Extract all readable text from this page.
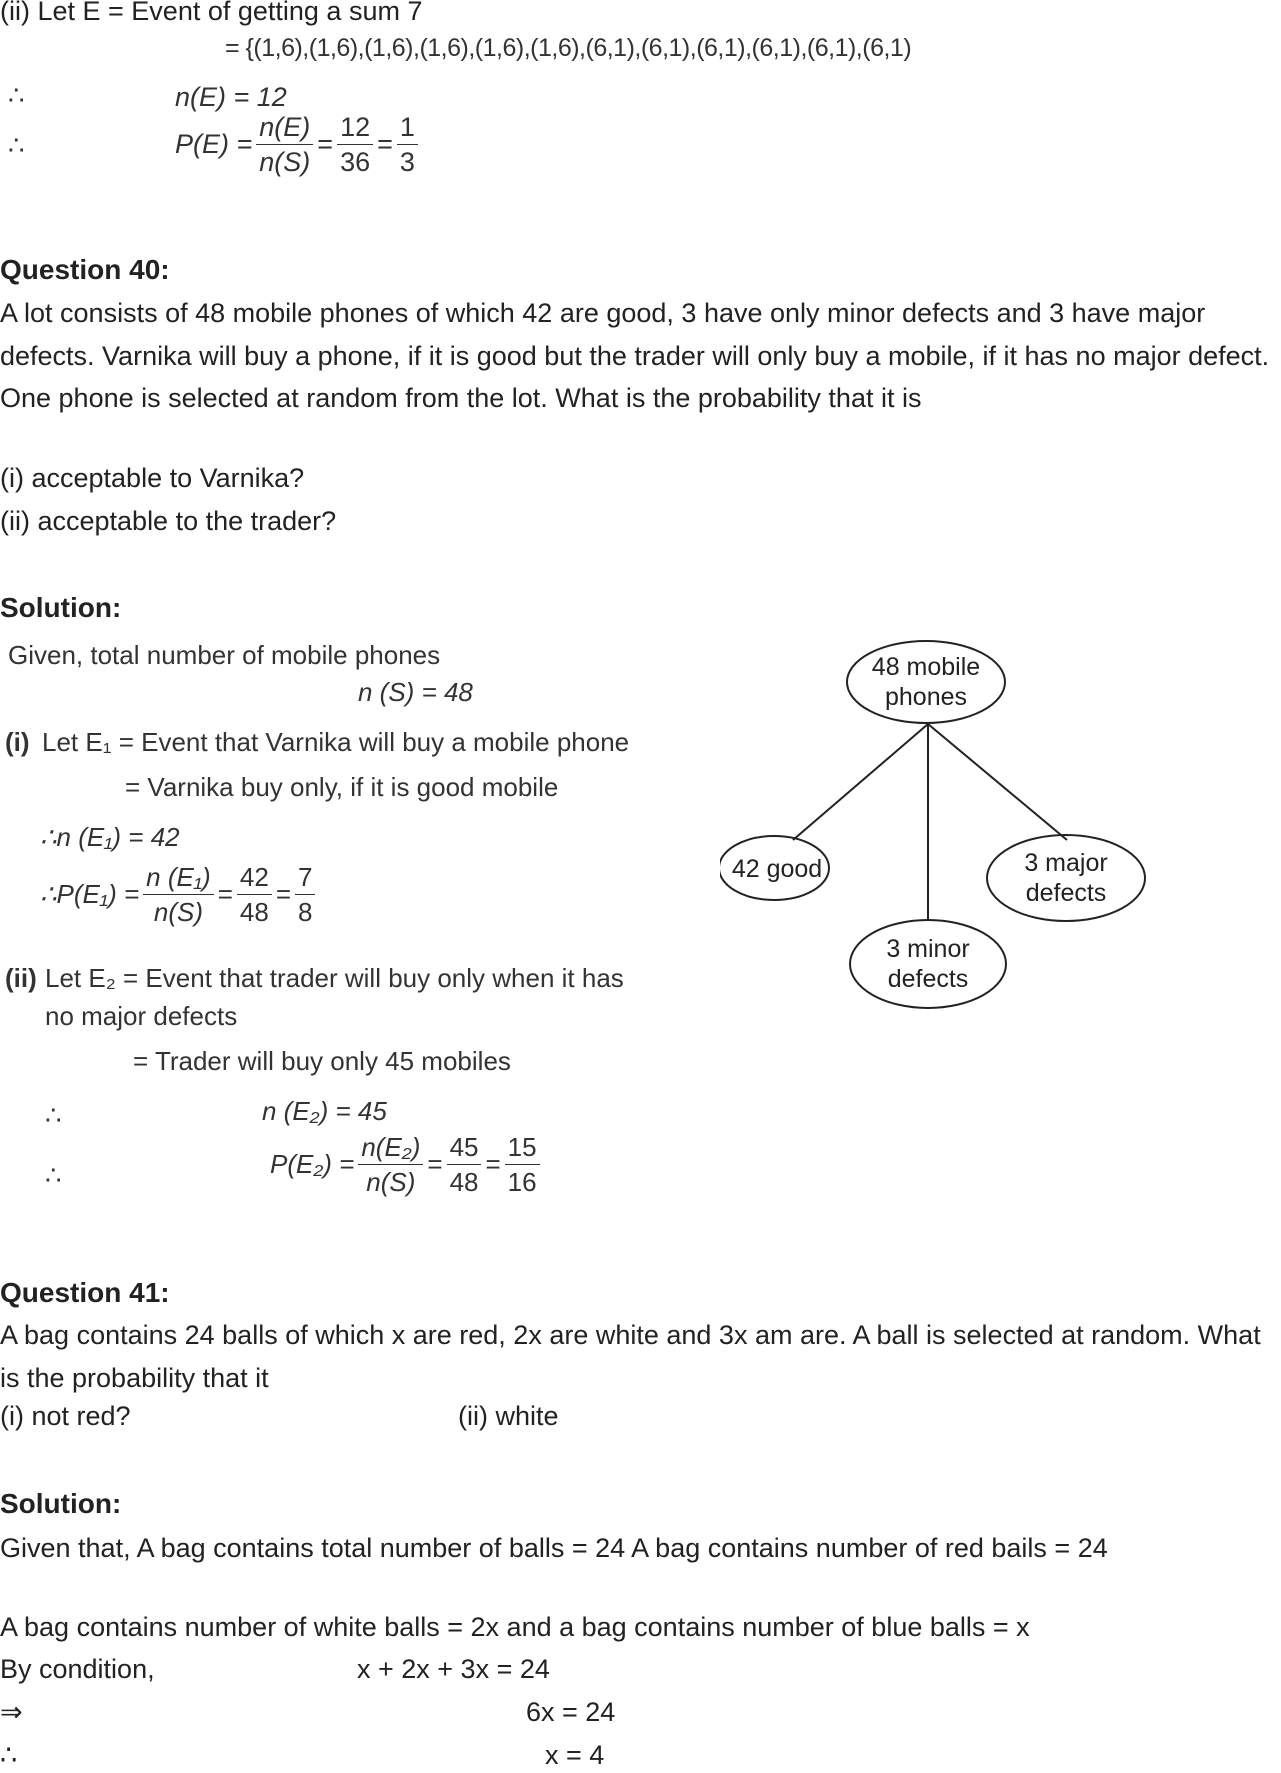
(ii) Let E = Event of getting a sum 7
= {(1,6),(1,6),(1,6),(1,6),(1,6),(1,6),(6,1),(6,1),(6,1),(6,1),(6,1),(6,1)
∴	n(E) = 12
∴	$P(E) = \frac{n(E)}{n(S)} = \frac{12}{36} = \frac{1}{3}$
Question 40:
A lot consists of 48 mobile phones of which 42 are good, 3 have only minor defects and 3 have major defects. Varnika will buy a phone, if it is good but the trader will only buy a mobile, if it has no major defect. One phone is selected at random from the lot. What is the probability that it is
(i) acceptable to Varnika?
(ii) acceptable to the trader?
Solution:
Given, total number of mobile phones
n (S) = 48
(i) Let E₁ = Event that Varnika will buy a mobile phone
= Varnika buy only, if it is good mobile
∴n (E₁) = 42
∴P(E₁) = $\frac{\text{n (E₁)}}{n(S)} = \frac{42}{48} = \frac{7}{8}$
(ii) Let E₂ = Event that trader will buy only when it has
no major defects
= Trader will buy only 45 mobiles
∴	n (E₂) = 45
∴	$P(E_2) = \frac{\text{n(E₂)}}{n(S)} = \frac{45}{48} = \frac{15}{16}$
48 mobile
phones
42 good
3 minor
defects
3 major
defects
Question 41:
A bag contains 24 balls of which x are red, 2x are white and 3x am are. A ball is selected at random. What is the probability that it
(i) not red?	(ii) white
Solution:
Given that, A bag contains total number of balls = 24 A bag contains number of red bails = 24
A bag contains number of white balls = 2x and a bag contains number of blue balls = x
By condition,	x + 2x + 3x = 24
⇒	6x = 24
∴	x = 4
